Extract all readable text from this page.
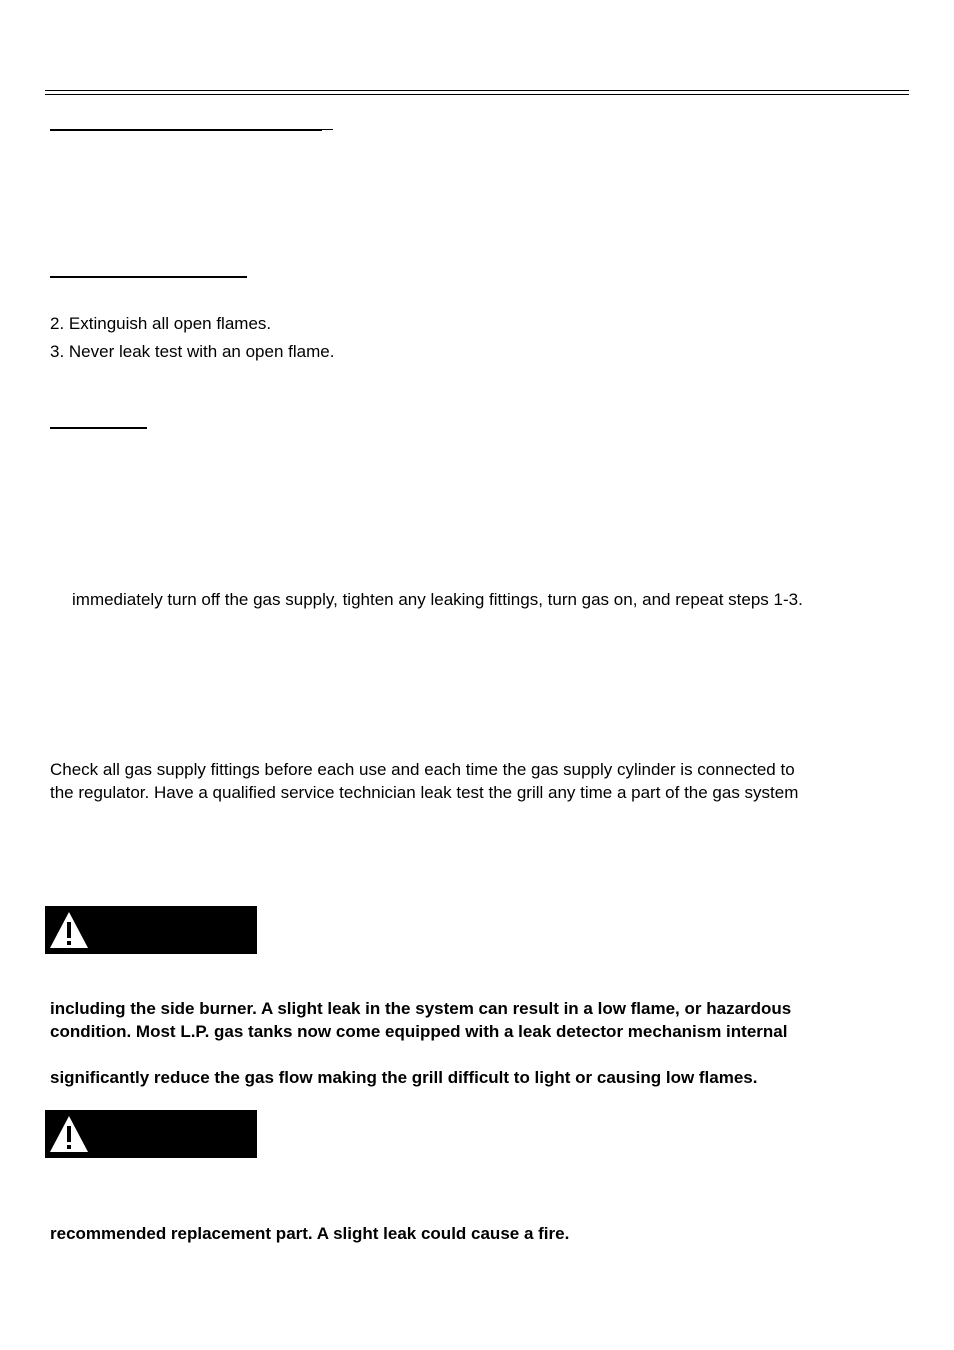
2. Extinguish all open flames.
3. Never leak test with an open flame.
immediately turn off the gas supply, tighten any leaking fittings, turn gas on, and repeat steps 1-3.
Check all gas supply fittings before each use and each time the gas supply cylinder is connected to
the regulator. Have a qualified service technician leak test the grill any time a part of the gas system
including the side burner. A slight leak in the system can result in a low flame, or hazardous
condition. Most L.P. gas tanks now come equipped with a leak detector mechanism internal
significantly reduce the gas flow making the grill difficult to light or causing low flames.
recommended replacement part. A slight leak could cause a fire.
